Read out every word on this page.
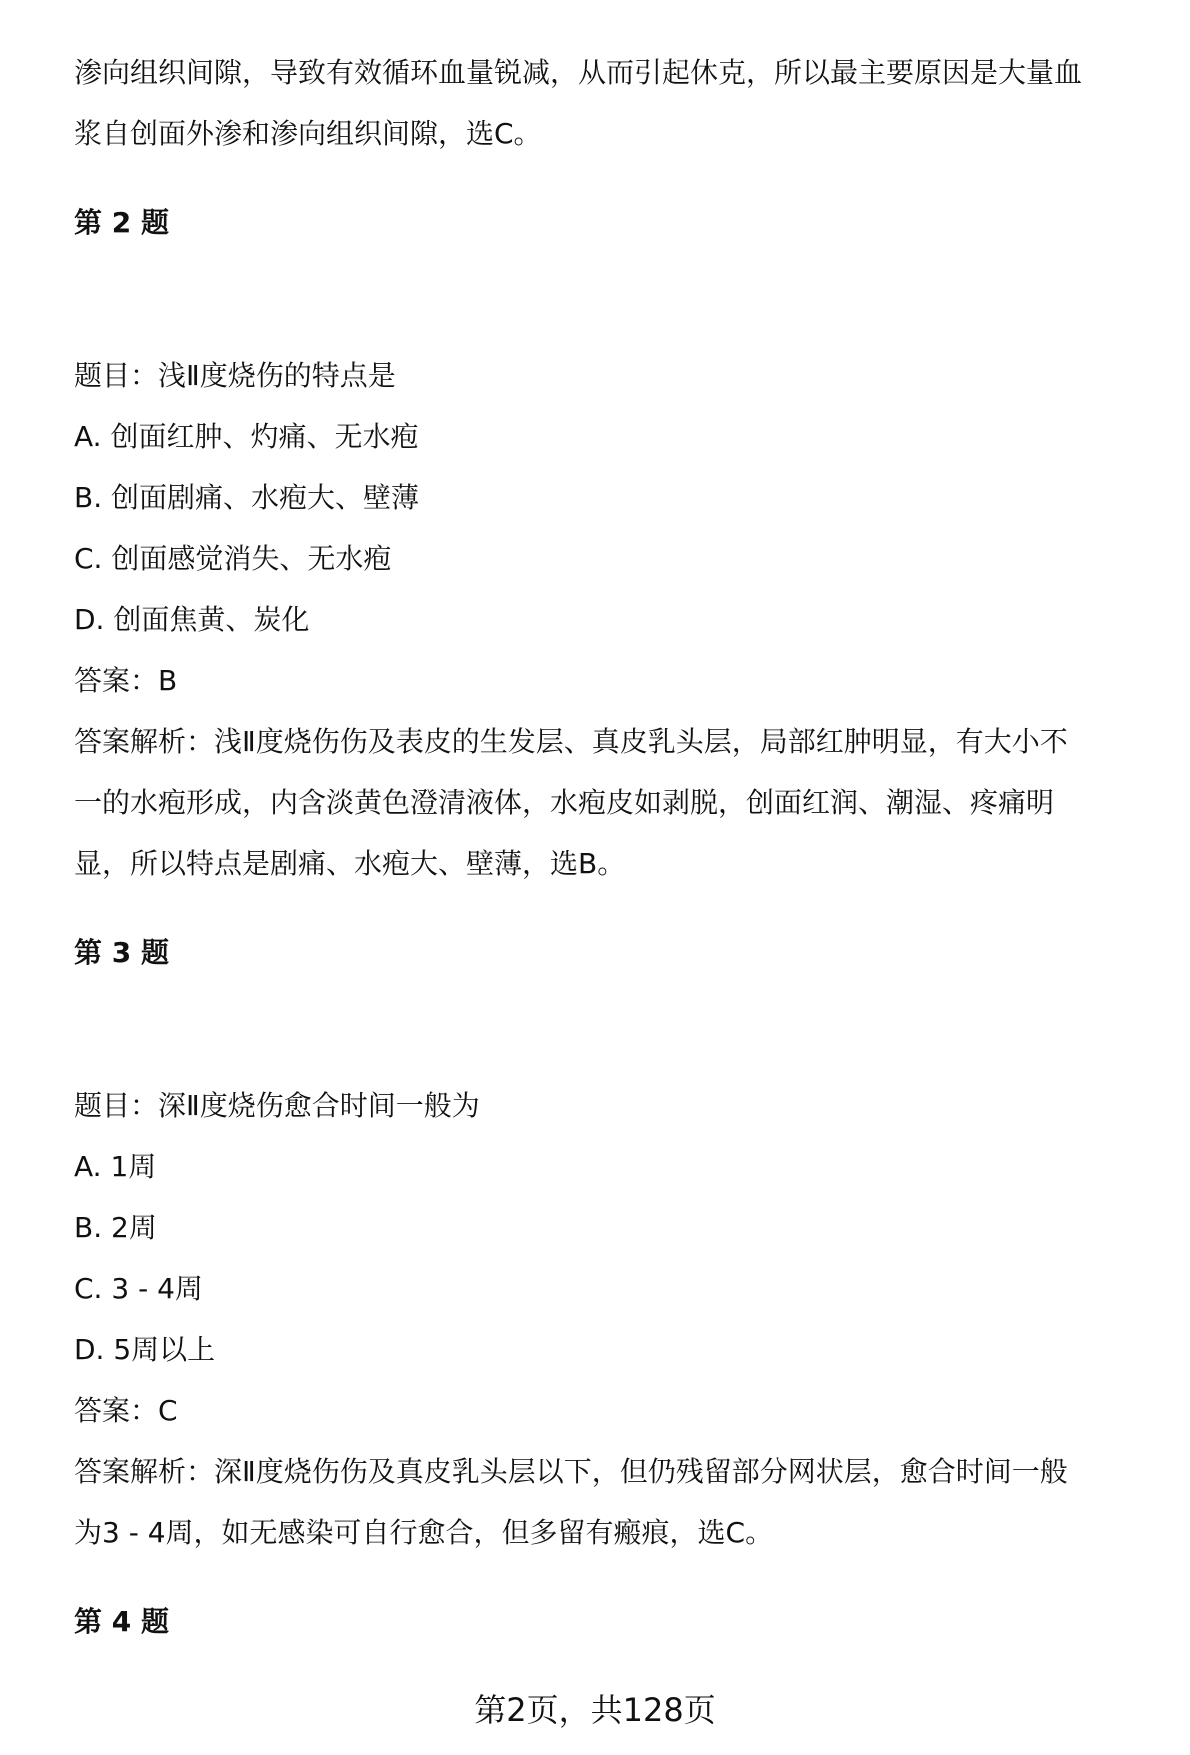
渗向组织间隙，导致有效循环血量锐减，从而引起休克，所以最主要原因是大量血

浆自创面外渗和渗向组织间隙，选C。

第 2 题

题目：浅Ⅱ度烧伤的特点是

A. 创面红肿、灼痛、无水疱

B. 创面剧痛、水疱大、壁薄

C. 创面感觉消失、无水疱

D. 创面焦黄、炭化

答案：B

答案解析：浅Ⅱ度烧伤伤及表皮的生发层、真皮乳头层，局部红肿明显，有大小不

一的水疱形成，内含淡黄色澄清液体，水疱皮如剥脱，创面红润、潮湿、疼痛明

显，所以特点是剧痛、水疱大、壁薄，选B。

第 3 题

题目：深Ⅱ度烧伤愈合时间一般为

A. 1周

B. 2周

C. 3 - 4周

D. 5周以上

答案：C

答案解析：深Ⅱ度烧伤伤及真皮乳头层以下，但仍残留部分网状层，愈合时间一般

为3 - 4周，如无感染可自行愈合，但多留有瘢痕，选C。

第 4 题

第2页，共128页
